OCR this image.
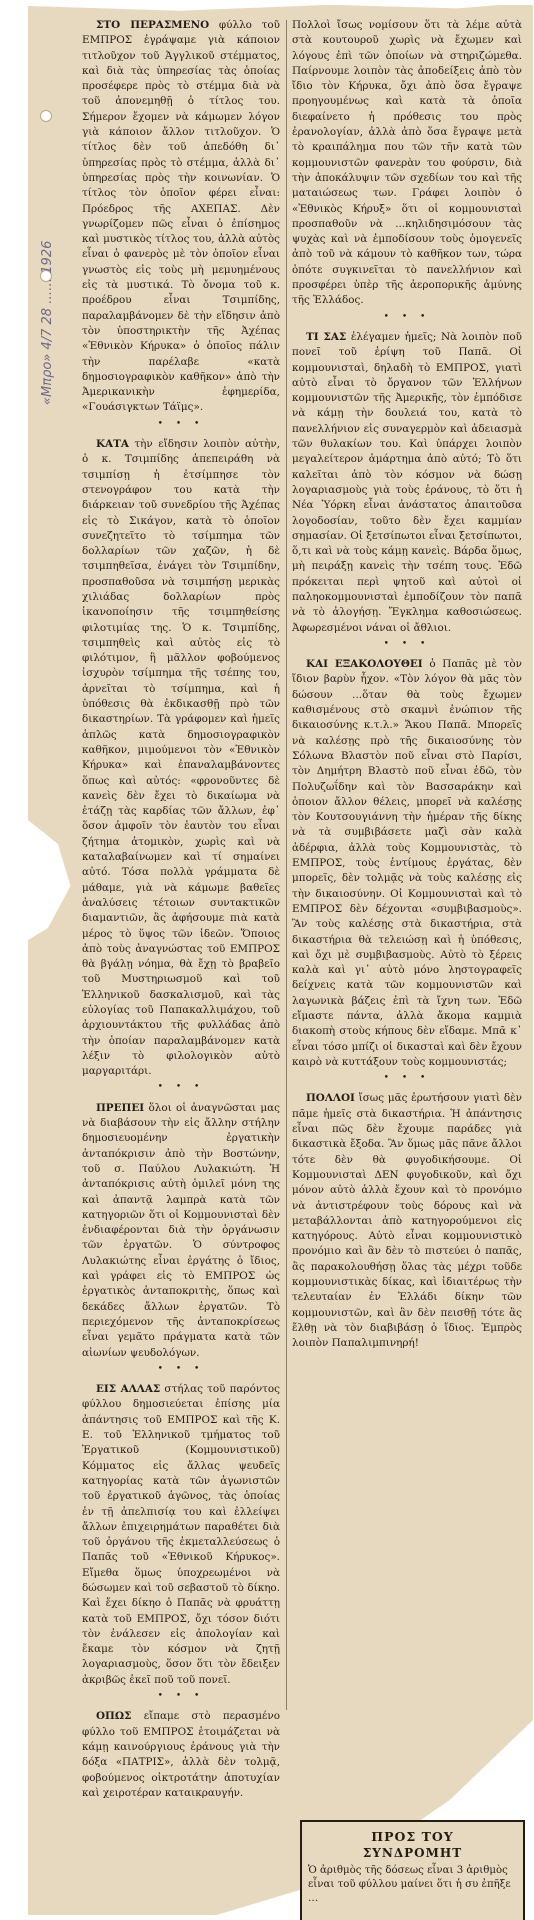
«Μπρο» 4/7 28 …… 1926

ΣΤΟ ΠΕΡΑΣΜΕΝΟ φύλλο τοῦ ΕΜΠΡΟΣ ἐγράψαμε γιὰ κάποιον τιτλοῦχον τοῦ Ἀγγλικοῦ στέμματος, καὶ διὰ τὰς ὑπηρεσίας τὰς ὁποίας προσέφερε πρὸς τὸ στέμμα διὰ νὰ τοῦ ἀπονεμηθῇ ὁ τίτλος του. Σήμερον ἔχομεν νὰ κάμωμεν λόγον γιὰ κάποιον ἄλλον τιτλοῦχον. Ὁ τίτλος δὲν τοῦ ἀπεδόθη δι᾽ ὑπηρεσίας πρὸς τὸ στέμμα, ἀλλὰ δι᾽ ὑπηρεσίας πρὸς τὴν κοινωνίαν. Ὁ τίτλος τὸν ὁποῖον φέρει εἶναι: Πρόεδρος τῆς ΑΧΕΠΑΣ. Δὲν γνωρίζομεν πῶς εἶναι ὁ ἐπίσημος καὶ μυστικὸς τίτλος του, ἀλλὰ αὐτὸς εἶναι ὁ φανερὸς μὲ τὸν ὁποῖον εἶναι γνωστὸς εἰς τοὺς μὴ μεμυημένους εἰς τὰ μυστικά. Τὸ ὄνομα τοῦ κ. προέδρου εἶναι Τσιμπίδης, παραλαμβάνομεν δὲ τὴν εἴδησιν ἀπὸ τὸν ὑποστηρικτὴν τῆς Ἀχέπας «Ἐθνικὸν Κήρυκα» ὁ ὁποῖος πάλιν τὴν παρέλαβε «κατὰ δημοσιογραφικὸν καθῆκον» ἀπὸ τὴν Ἀμερικανικὴν ἐφημερίδα, «Γουάσιγκτων Τάϊμς».

• • •

ΚΑΤΑ τὴν εἴδησιν λοιπὸν αὐτὴν, ὁ κ. Τσιμπίδης ἀπεπειράθη νὰ τσιμπίσῃ ἡ ἐτσίμπησε τὸν στενογράφον του κατὰ τὴν διάρκειαν τοῦ συνεδρίου τῆς Ἀχέπας εἰς τὸ Σικάγον, κατὰ τὸ ὁποῖον συνεζητεῖτο τὸ τσίμπημα τῶν δολλαρίων τῶν χαζῶν, ἡ δὲ τσιμπηθεῖσα, ἐνάγει τὸν Τσιμπίδην, προσπαθοῦσα νὰ τσιμπήσῃ μερικὰς χιλιάδας δολλαρίων πρὸς ἱκανοποίησιν τῆς τσιμπηθείσης φιλοτιμίας της. Ὁ κ. Τσιμπίδης, τσιμπηθεὶς καὶ αὐτὸς εἰς τὸ φιλότιμον, ἢ μᾶλλον φοβούμενος ἰσχυρὸν τσίμπημα τῆς τσέπης του, ἀρνεῖται τὸ τσίμπημα, καὶ ἡ ὑπόθεσις θὰ ἐκδικασθῇ πρὸ τῶν δικαστηρίων. Τὰ γράφομεν καὶ ἡμεῖς ἁπλῶς κατὰ δημοσιογραφικὸν καθῆκον, μιμούμενοι τὸν «Ἐθνικὸν Κήρυκα» καὶ ἐπαναλαμβάνοντες ὅπως καὶ αὐτός: «φρονοῦντες δὲ κανεὶς δὲν ἔχει τὸ δικαίωμα νὰ ἐτάζῃ τὰς καρδίας τῶν ἄλλων, ἐφ᾽ ὅσον ἀμφοῖν τὸν ἑαυτὸν του εἶναι ζήτημα ἀτομικὸν, χωρὶς καὶ νὰ καταλαβαίνωμεν καὶ τί σημαίνει αὐτό. Τόσα πολλὰ γράμματα δὲ μάθαμε, γιὰ νὰ κάμωμε βαθεῖες ἀναλύσεις τέτοιων συντακτικῶν διαμαντιῶν, ἂς ἀφήσουμε πιὰ κατὰ μέρος τὸ ὕψος τῶν ἰδεῶν. Ὅποιος ἀπὸ τοὺς ἀναγνώστας τοῦ ΕΜΠΡΟΣ θὰ βγάλῃ νόημα, θὰ ἔχῃ τὸ βραβεῖο τοῦ Μυστηριωσμοῦ καὶ τοῦ Ἑλληνικοῦ δασκαλισμοῦ, καὶ τὰς εὐλογίας τοῦ Παπακαλλιμάχου, τοῦ ἀρχιουντάκτου τῆς φυλλάδας ἀπὸ τὴν ὁποίαν παραλαμβάνομεν κατὰ λέξιν τὸ φιλολογικὸν αὐτὸ μαργαριτάρι.

• • •

ΠΡΕΠΕΙ ὅλοι οἱ ἀναγνῶσται μας νὰ διαβάσουν τὴν εἰς ἄλλην στήλην δημοσιευομένην ἐργατικὴν ἀνταπόκρισιν ἀπὸ τὴν Βοστώνην, τοῦ σ. Παύλου Λυλακιώτη. Ἡ ἀνταπόκρισις αὐτὴ ὁμιλεῖ μόνη της καὶ ἀπαντᾷ λαμπρὰ κατὰ τῶν κατηγοριῶν ὅτι οἱ Κομμουνισταὶ δὲν ἐνδιαφέρονται διὰ τὴν ὀργάνωσιν τῶν ἐργατῶν. Ὁ σύντροφος Λυλακιώτης εἶναι ἐργάτης ὁ ἴδιος, καὶ γράφει εἰς τὸ ΕΜΠΡΟΣ ὡς ἐργατικὸς ἀνταποκριτὴς, ὅπως καὶ δεκάδες ἄλλων ἐργατῶν. Τὸ περιεχόμενον τῆς ἀνταποκρίσεως εἶναι γεμᾶτο πράγματα κατὰ τῶν αἰωνίων ψευδολόγων.

• • •

ΕΙΣ ΑΛΛΑΣ στήλας τοῦ παρόντος φύλλου δημοσιεύεται ἐπίσης μία ἀπάντησις τοῦ ΕΜΠΡΟΣ καὶ τῆς Κ. Ε. τοῦ Ἑλληνικοῦ τμήματος τοῦ Ἐργατικοῦ (Κομμουνιστικοῦ) Κόμματος εἰς ἄλλας ψευδεῖς κατηγορίας κατὰ τῶν ἀγωνιστῶν τοῦ ἐργατικοῦ ἀγῶνος, τὰς ὁποίας ἐν τῇ ἀπελπισίᾳ του καὶ ἐλλείψει ἄλλων ἐπιχειρημάτων παραθέτει διὰ τοῦ ὀργάνου τῆς ἐκμεταλλεύσεως ὁ Παπᾶς τοῦ «Ἐθνικοῦ Κήρυκος». Εἴμεθα ὅμως ὑποχρεωμένοι νὰ δώσωμεν καὶ τοῦ σεβαστοῦ τὸ δίκηο. Καὶ ἔχει δίκηο ὁ Παπᾶς νὰ φρυάττῃ κατὰ τοῦ ΕΜΠΡΟΣ, ὄχι τόσον διότι τὸν ἐνάλεσεν εἰς ἀπολογίαν καὶ ἔκαμε τὸν κόσμον νὰ ζητῇ λογαριασμοὺς, ὅσον ὅτι τὸν ἔδειξεν ἀκριβῶς ἐκεῖ ποῦ τοῦ πονεῖ.

• • •

ΟΠΩΣ εἴπαμε στὸ περασμένο φύλλο τοῦ ΕΜΠΡΟΣ ἑτοιμάζεται νὰ κάμῃ καινούργιους ἐράνους γιὰ τὴν δόξα «ΠΑΤΡΙΣ», ἀλλὰ δὲν τολμᾷ, φοβούμενος οἰκτροτάτην ἀποτυχίαν καὶ χειροτέραν καταικραυγήν.

Πολλοὶ ἴσως νομίσουν ὅτι τὰ λέμε αὐτὰ στὰ κουτουροῦ χωρὶς νὰ ἔχωμεν καὶ λόγους ἐπὶ τῶν ὁποίων νὰ στηριζώμεθα. Παίρνουμε λοιπὸν τὰς ἀποδείξεις ἀπὸ τὸν ἴδιο τὸν Κήρυκα, ὄχι ἀπὸ ὅσα ἔγραψε προηγουμένως καὶ κατὰ τὰ ὁποῖα διεφαίνετο ἡ πρόθεσις του πρὸς ἐρανολογίαν, ἀλλὰ ἀπὸ ὅσα ἔγραψε μετὰ τὸ κραιπάλημα που τῶν τῆν κατὰ τῶν κομμουνιστῶν φανερὰν του φούρσιν, διὰ τὴν ἀποκάλυψιν τῶν σχεδίων του καὶ τῆς ματαιώσεως των. Γράφει λοιπὸν ὁ «Ἐθνικὸς Κήρυξ» ὅτι οἱ κομμουνισταὶ προσπαθοῦν νὰ ...κηλιδησιμόσουν τὰς ψυχὰς καὶ νὰ ἐμποδίσουν τοὺς ὁμογενεῖς ἀπὸ τοῦ νὰ κάμουν τὸ καθῆκον των, τώρα ὁπότε συγκινεῖται τὸ πανελλήνιον καὶ προσφέρει ὑπὲρ τῆς ἀεροπορικῆς ἀμύνης τῆς Ἑλλάδος.

• • •

ΤΙ ΣΑΣ ἐλέγαμεν ἡμεῖς; Νὰ λοιπὸν ποῦ πονεῖ τοῦ ἐρίψη τοῦ Παπᾶ. Οἱ κομμουνισταὶ, δηλαδὴ τὸ ΕΜΠΡΟΣ, γιατὶ αὐτὸ εἶναι τὸ ὄργανον τῶν Ἑλλήνων κομμουνιστῶν τῆς Ἀμερικῆς, τὸν ἐμπόδισε νὰ κάμῃ τὴν δουλειά του, κατὰ τὸ πανελλήνιον εἰς συναγερμὸν καὶ ἀδειασμὰ τῶν θυλακίων του. Καὶ ὑπάρχει λοιπὸν μεγαλείτερον ἁμάρτημα ἀπὸ αὐτό; Τὸ ὅτι καλεῖται ἀπὸ τὸν κόσμον νὰ δώσῃ λογαριασμοὺς γιὰ τοὺς ἐράνους, τὸ ὅτι ἡ Νέα Ὑόρκη εἶναι ἀνάστατος ἀπαιτοῦσα λογοδοσίαν, τοῦτο δὲν ἔχει καμμίαν σημασίαν. Οἱ ξετσίπωτοι εἶναι ξετσίπωτοι, ὅ,τι καὶ νὰ τοὺς κάμῃ κανεὶς. Βάρδα ὅμως, μὴ πειράξῃ κανεὶς τὴν τσέπη τους. Ἐδῶ πρόκειται περὶ ψητοῦ καὶ αὐτοὶ οἱ παληοκομμουνισταὶ ἐμποδίζουν τὸν παπᾶ νὰ τὸ ἀλογήσῃ. Ἔγκλημα καθοσιώσεως. Ἀφωρεσμένοι νάναι οἱ ἄθλιοι.

• • •

ΚΑΙ ΕΞΑΚΟΛΟΥΘΕΙ ὁ Παπᾶς μὲ τὸν ἴδιον βαρὺν ἦχον. «Τὸν λόγον θὰ μᾶς τὸν δώσουν ...ὅταν θὰ τοὺς ἔχωμεν καθισμένους στὸ σκαμνὶ ἐνώπιον τῆς δικαιοσύνης κ.τ.λ.» Ἄκου Παπᾶ. Μπορεῖς νὰ καλέσῃς πρὸ τῆς δικαιοσύνης τὸν Σόλωνα Βλαστὸν ποῦ εἶναι στὸ Παρίσι, τὸν Δημήτρη Βλαστὸ ποῦ εἶναι ἐδῶ, τὸν Πολυζωΐδην καὶ τὸν Βασσαράκην καὶ ὁποιον ἄλλον θέλεις, μπορεῖ νὰ καλέσῃς τὸν Κουτσουγιάννη τὴν ἡμέραν τῆς δίκης νὰ τὰ συμβιβάσετε μαζὶ σὰν καλὰ ἀδέρφια, ἀλλὰ τοὺς Κομμουνιστὰς, τὸ ΕΜΠΡΟΣ, τοὺς ἐντίμους ἐργάτας, δὲν μπορεῖς, δὲν τολμᾷς νὰ τοὺς καλέσῃς εἰς τὴν δικαιοσύνην. Οἱ Κομμουνισταὶ καὶ τὸ ΕΜΠΡΟΣ δὲν δέχονται «συμβιβασμοὺς». Ἂν τοὺς καλέσῃς στὰ δικαστήρια, στὰ δικαστήρια θὰ τελειώσῃ καὶ ἡ ὑπόθεσις, καὶ ὄχι μὲ συμβιβασμοὺς. Αὐτὸ τὸ ξέρεις καλὰ καὶ γι᾽ αὐτὸ μόνο ληστογραφεῖς δείχνεις κατὰ τῶν κομμουνιστῶν καὶ λαγωνικὰ βάζεις ἐπὶ τὰ ἴχνη των. Ἐδῶ εἴμαστε πάντα, ἀλλὰ ἄκομα καμμιὰ διακοπὴ στοὺς κήπους δὲν εἴδαμε. Μπᾶ κ᾽ εἶναι τόσο μπίζι οἱ δικασταὶ καὶ δὲν ἔχουν καιρὸ νὰ κυττάξουν τοὺς κομμουνιστάς;

• • •

ΠΟΛΛΟΙ ἴσως μᾶς ἐρωτήσουν γιατὶ δὲν πᾶμε ἡμεῖς στὰ δικαστήρια. Ἡ ἀπάντησις εἶναι πῶς δὲν ἔχουμε παράδες γιὰ δικαστικὰ ἔξοδα. Ἂν ὅμως μᾶς πᾶνε ἄλλοι τότε δὲν θὰ φυγοδικήσουμε. Οἱ Κομμουνισταὶ ΔΕΝ φυγοδικοῦν, καὶ ὄχι μόνον αὐτὸ ἀλλὰ ἔχουν καὶ τὸ προνόμιο νὰ ἀντιστρέφουν τοὺς δόρους καὶ νὰ μεταβάλλονται ἀπὸ κατηγορούμενοι εἰς κατηγόρους. Αὐτὸ εἶναι κομμουνιστικὸ προνόμιο καὶ ἂν δὲν τὸ πιστεύει ὁ παπᾶς, ἂς παρακολουθήσῃ ὅλας τὰς μέχρι τοῦδε κομμουνιστικὰς δίκας, καὶ ἰδιαιτέρως τὴν τελευταίαν ἐν Ἑλλάδι δίκην τῶν κομμουνιστῶν, καὶ ἂν δὲν πεισθῇ τότε ἂς ἔλθῃ νὰ τὸν διαβιβάσῃ ὁ ἴδιος. Ἐμπρὸς λοιπὸν Παπαλιμπινηρή!

ΠΡΟΣ ΤΟΥ

ΣΥΝΔΡΟΜΗΤ

Ὁ ἀριθμὸς τῆς δόσεως εἶναι 3 ἀριθμὸς εἶναι τοῦ φύλλου μαίνει ὅτι ἡ συ ἐπῆξε …
